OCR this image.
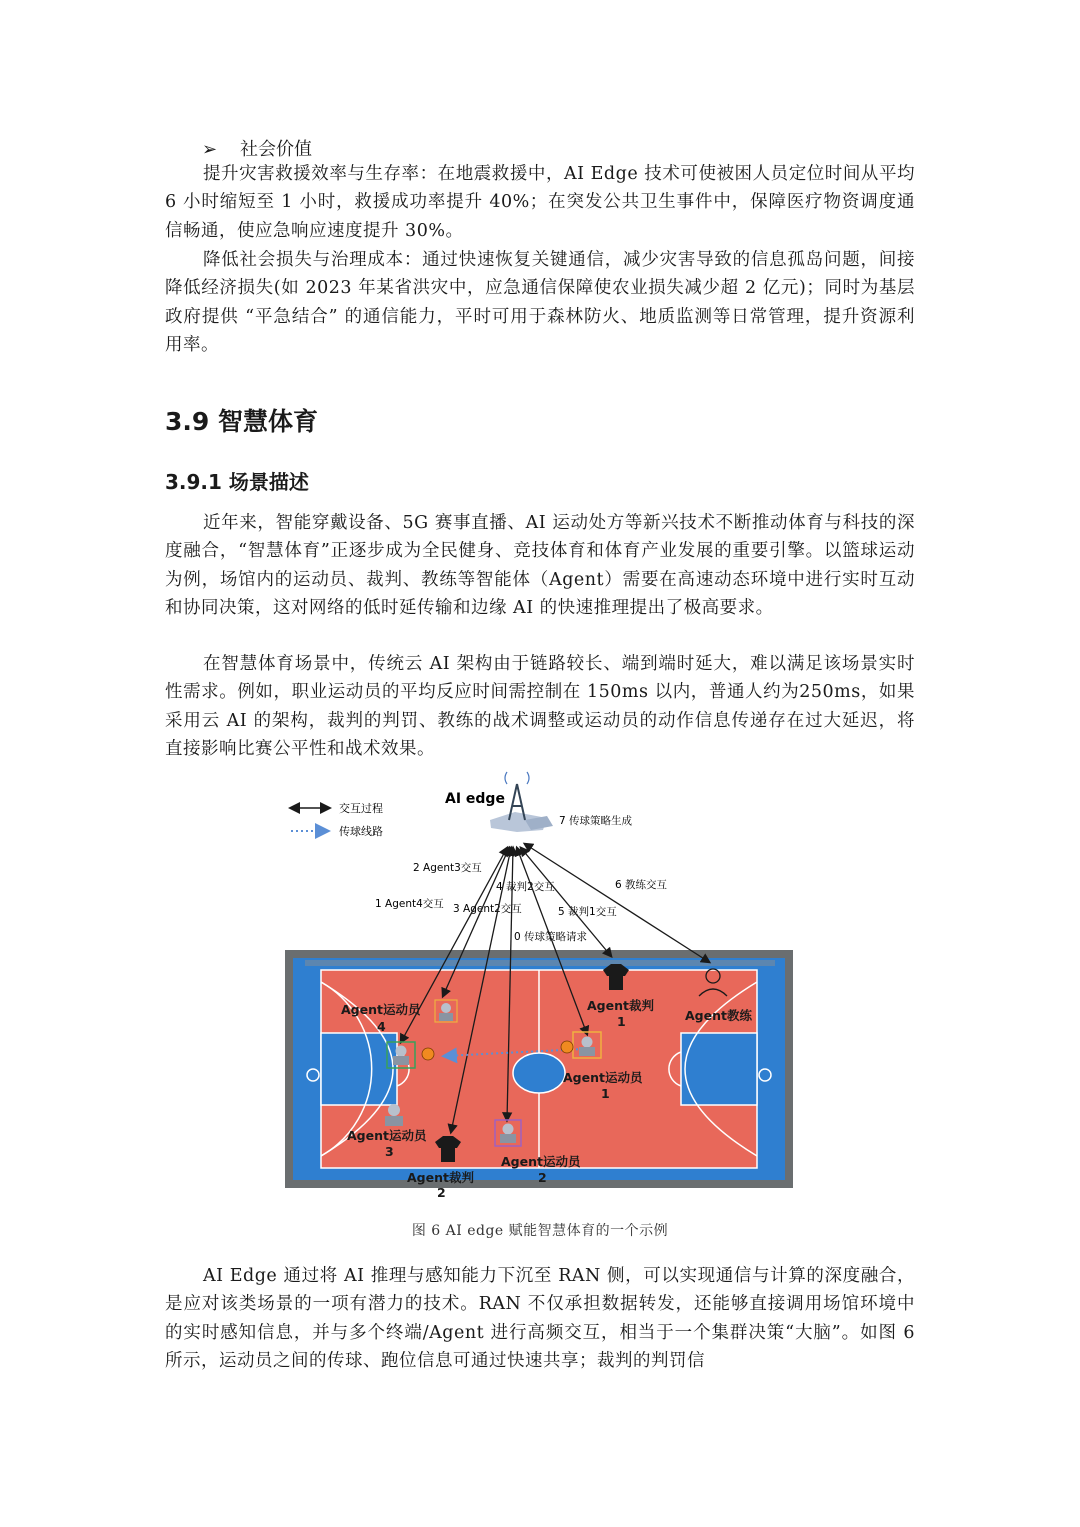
➢ 社会价值

提升灾害救援效率与生存率：在地震救援中，AI Edge 技术可使被困人员定位时间从平均 6 小时缩短至 1 小时，救援成功率提升 40%；在突发公共卫生事件中，保障医疗物资调度通信畅通，使应急响应速度提升 30%。

降低社会损失与治理成本：通过快速恢复关键通信，减少灾害导致的信息孤岛问题，间接降低经济损失(如 2023 年某省洪灾中，应急通信保障使农业损失减少超 2 亿元)；同时为基层政府提供 “平急结合” 的通信能力，平时可用于森林防火、地质监测等日常管理，提升资源利用率。

3.9 智慧体育
3.9.1 场景描述

近年来，智能穿戴设备、5G 赛事直播、AI 运动处方等新兴技术不断推动体育与科技的深度融合，“智慧体育”正逐步成为全民健身、竞技体育和体育产业发展的重要引擎。以篮球运动为例，场馆内的运动员、裁判、教练等智能体（Agent）需要在高速动态环境中进行实时互动和协同决策，这对网络的低时延传输和边缘 AI 的快速推理提出了极高要求。

在智慧体育场景中，传统云 AI 架构由于链路较长、端到端时延大，难以满足该场景实时性需求。例如，职业运动员的平均反应时间需控制在 150ms 以内，普通人约为250ms，如果采用云 AI 的架构，裁判的判罚、教练的战术调整或运动员的动作信息传递存在过大延迟，将直接影响比赛公平性和战术效果。

交互过程
传球线路
AI edge
7 传球策略生成
2 Agent3交互
4 裁判2交互	6 教练交互
1 Agent4交互 3 Agent2交互	5 裁判1交互
0 传球策略请求
Agent运动员
4
Agent裁判
1	Agent教练
Agent运动员
1
Agent运动员
3
Agent运动员
2
Agent裁判
2

图 6 AI edge 赋能智慧体育的一个示例

AI Edge 通过将 AI 推理与感知能力下沉至 RAN 侧，可以实现通信与计算的深度融合，是应对该类场景的一项有潜力的技术。RAN 不仅承担数据转发，还能够直接调用场馆环境中的实时感知信息，并与多个终端/Agent 进行高频交互，相当于一个集群决策“大脑”。如图 6 所示，运动员之间的传球、跑位信息可通过快速共享；裁判的判罚信
